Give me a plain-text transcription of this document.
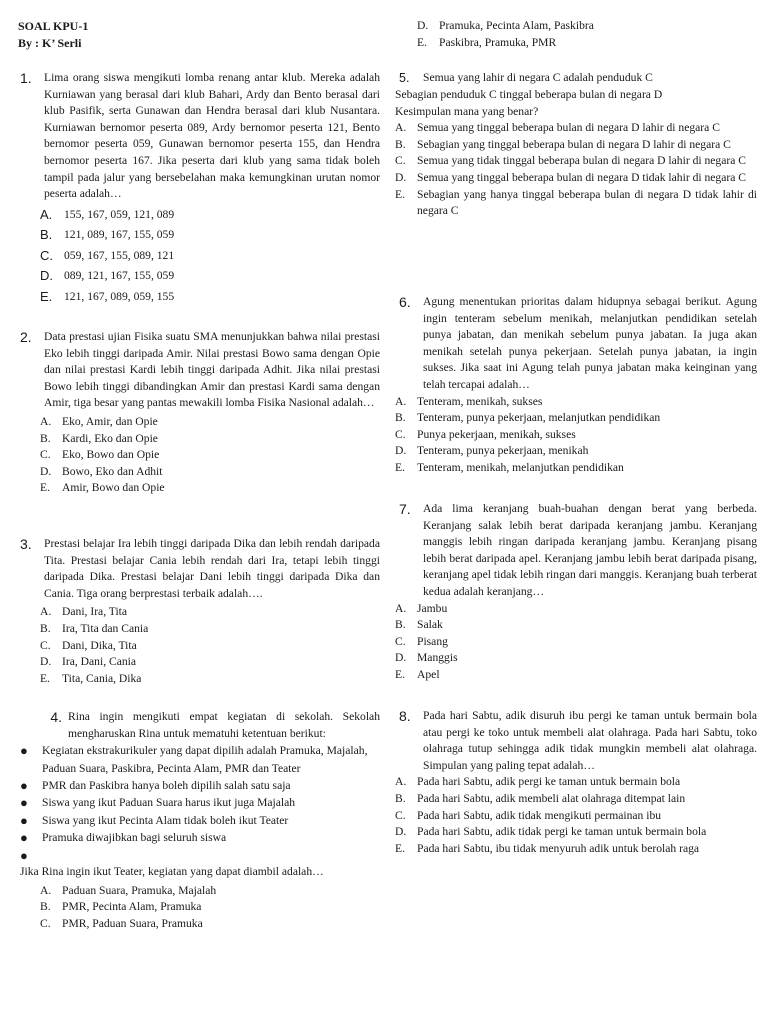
SOAL KPU-1
By : K’ Serli
1.	Lima orang siswa mengikuti lomba renang antar klub. Mereka adalah Kurniawan yang berasal dari klub Bahari, Ardy dan Bento berasal dari klub Pasifik, serta Gunawan dan Hendra berasal dari klub Nusantara. Kurniawan bernomor peserta 089, Ardy bernomor peserta 121, Bento bernomor peserta 059, Gunawan bernomor peserta 155, dan Hendra bernomor peserta 167. Jika peserta dari klub yang sama tidak boleh tampil pada jalur yang bersebelahan maka kemungkinan urutan nomor peserta adalah…
A.	155, 167, 059, 121, 089
B.	121, 089, 167, 155, 059
C. 059, 167, 155, 089, 121
D. 089, 121, 167, 155, 059
E.	121, 167, 089, 059, 155
2.	Data prestasi ujian Fisika suatu SMA menunjukkan bahwa nilai prestasi Eko lebih tinggi daripada Amir. Nilai prestasi Bowo sama dengan Opie dan nilai prestasi Kardi lebih tinggi daripada Adhit. Jika nilai prestasi Bowo lebih tinggi dibandingkan Amir dan prestasi Kardi sama dengan Amir, tiga besar yang pantas mewakili lomba Fisika Nasional adalah…
A. Eko, Amir, dan Opie
B. Kardi, Eko dan Opie
C. Eko, Bowo dan Opie
D. Bowo, Eko dan Adhit
E.	Amir, Bowo dan Opie
3.	Prestasi belajar Ira lebih tinggi daripada Dika dan lebih rendah daripada Tita. Prestasi belajar Cania lebih rendah dari Ira, tetapi lebih tinggi daripada Dika. Prestasi belajar Dani lebih tinggi daripada Dika dan Cania. Tiga orang berprestasi terbaik adalah….
A. Dani, Ira, Tita
B. Ira, Tita dan Cania
C. Dani, Dika, Tita
D. Ira, Dani, Cania
E.	Tita, Cania, Dika
4. Rina ingin mengikuti empat kegiatan di sekolah. Sekolah mengharuskan Rina untuk mematuhi ketentuan berikut:
●	Kegiatan ekstrakurikuler yang dapat dipilih adalah Pramuka, Majalah, Paduan Suara, Paskibra, Pecinta Alam, PMR dan Teater
●	PMR dan Paskibra hanya boleh dipilih salah satu saja
●	Siswa yang ikut Paduan Suara harus ikut juga Majalah
●	Siswa yang ikut Pecinta Alam tidak boleh ikut Teater
●	Pramuka diwajibkan bagi seluruh siswa
●
Jika Rina ingin ikut Teater, kegiatan yang dapat diambil adalah…
A. Paduan Suara, Pramuka, Majalah
B. PMR, Pecinta Alam, Pramuka
C. PMR, Paduan Suara, Pramuka
D. Pramuka, Pecinta Alam, Paskibra
E.	Paskibra, Pramuka, PMR
5.	Semua yang lahir di negara C adalah penduduk C
Sebagian penduduk C tinggal beberapa bulan di negara D
Kesimpulan mana yang benar?
A. Semua yang tinggal beberapa bulan di negara D lahir di negara C
B. Sebagian yang tinggal beberapa bulan di negara D lahir di negara C
C. Semua yang tidak tinggal beberapa bulan di negara D lahir di negara C
D. Semua yang tinggal beberapa bulan di negara D tidak lahir di negara C
E.	Sebagian yang hanya tinggal beberapa bulan di negara D tidak lahir di negara C
6.	Agung menentukan prioritas dalam hidupnya sebagai berikut. Agung ingin tenteram sebelum menikah, melanjutkan pendidikan setelah punya jabatan, dan menikah sebelum punya jabatan. Ia juga akan menikah setelah punya pekerjaan. Setelah punya jabatan, ia ingin sukses. Jika saat ini Agung telah punya jabatan maka keinginan yang telah tercapai adalah…
A. Tenteram, menikah, sukses
B. Tenteram, punya pekerjaan, melanjutkan pendidikan
C. Punya pekerjaan, menikah, sukses
D. Tenteram, punya pekerjaan, menikah
E.	Tenteram, menikah, melanjutkan pendidikan
7.	Ada lima keranjang buah-buahan dengan berat yang berbeda. Keranjang salak lebih berat daripada keranjang jambu. Keranjang manggis lebih ringan daripada keranjang jambu. Keranjang pisang lebih berat daripada apel. Keranjang jambu lebih berat daripada pisang, keranjang apel tidak lebih ringan dari manggis. Keranjang buah terberat kedua adalah keranjang…
A. Jambu
B. Salak
C. Pisang
D. Manggis
E.	Apel
8.	Pada hari Sabtu, adik disuruh ibu pergi ke taman untuk bermain bola atau pergi ke toko untuk membeli alat olahraga. Pada hari Sabtu, toko olahraga tutup sehingga adik tidak mungkin membeli alat olahraga. Simpulan yang paling tepat adalah…
A. Pada hari Sabtu, adik pergi ke taman untuk bermain bola
B. Pada hari Sabtu, adik membeli alat olahraga ditempat lain
C. Pada hari Sabtu, adik tidak mengikuti permainan ibu
D. Pada hari Sabtu, adik tidak pergi ke taman untuk bermain bola
E.	Pada hari Sabtu, ibu tidak menyuruh adik untuk berolah raga
